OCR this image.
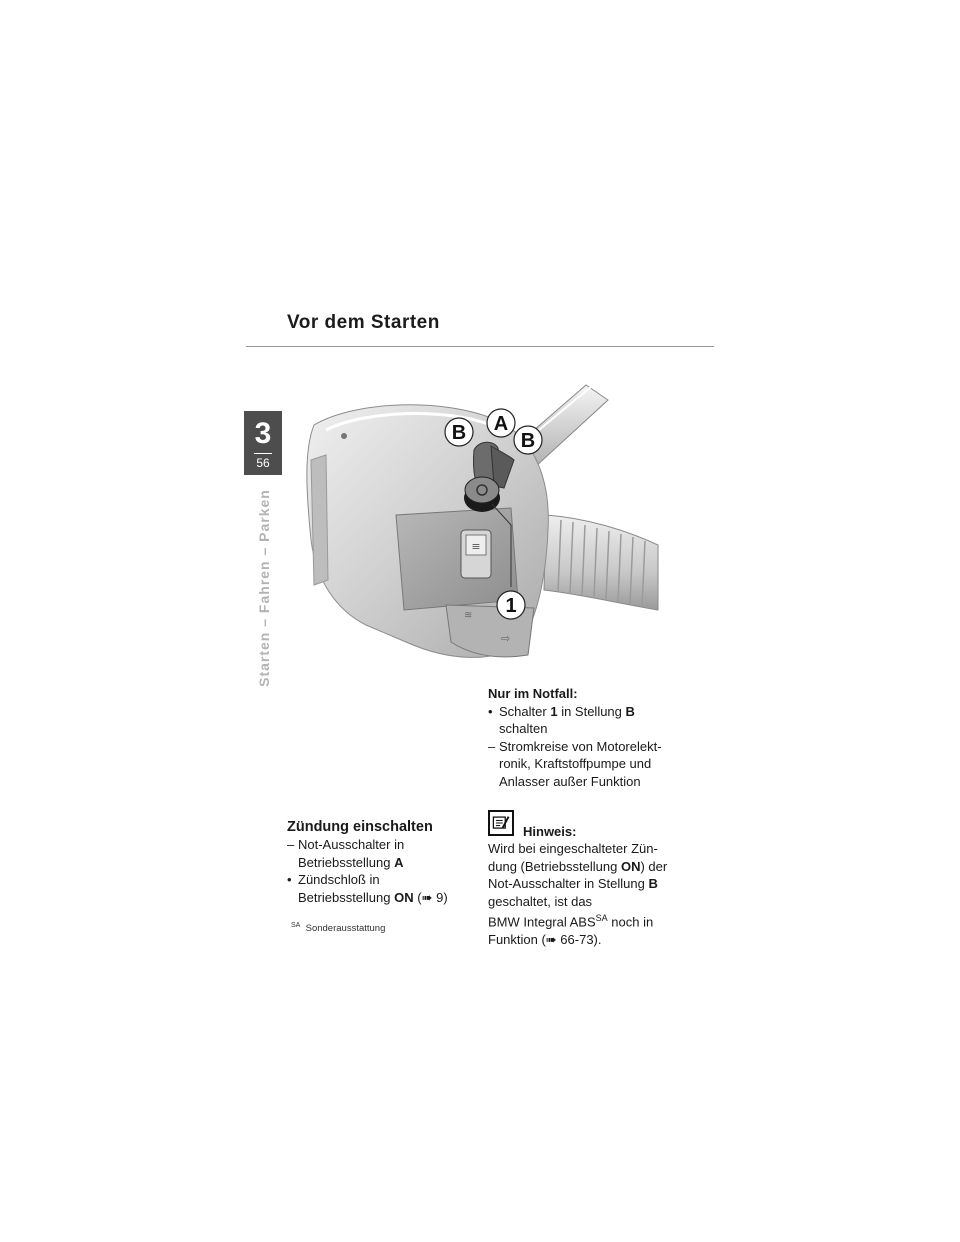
Vor dem Starten
3
56
Starten – Fahren – Parken	≡
≋
⇨
B A
B
1
Zündung einschalten
– Not-Ausschalter in
Betriebsstellung A
• Zündschloß in
Betriebsstellung ON (➠ 9)
$^{SA}$ Sonderausstattung
Nur im Notfall:
• Schalter 1 in Stellung B
schalten
– Stromkreise von Motorelekt-
ronik, Kraftstoffpumpe und
Anlasser außer Funktion
Hinweis:
Wird bei eingeschalteter Zün-
dung (Betriebsstellung ON) der
Not-Ausschalter in Stellung B
geschaltet, ist das
BMW Integral $ABS^{SA}$ noch in
Funktion (➠ 66-73).
